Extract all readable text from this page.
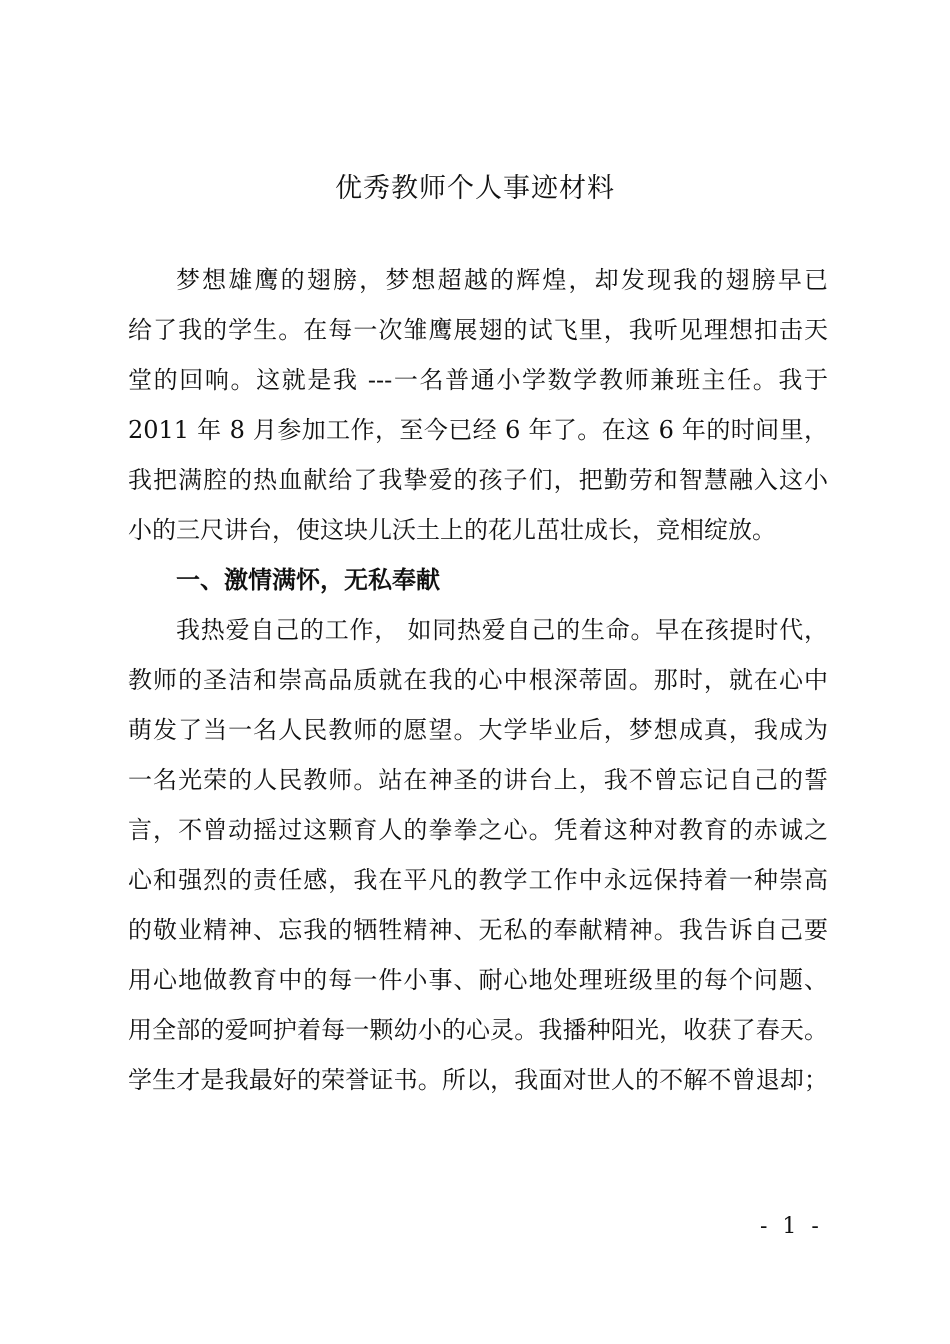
优秀教师个人事迹材料
梦想雄鹰的翅膀，梦想超越的辉煌，却发现我的翅膀早已
给了我的学生。在每一次雏鹰展翅的试飞里，我听见理想扣击天
堂的回响。这就是我 ---一名普通小学数学教师兼班主任。我于
2011 年 8 月参加工作，至今已经 6 年了。在这 6 年的时间里，
我把满腔的热血献给了我挚爱的孩子们，把勤劳和智慧融入这小
小的三尺讲台，使这块儿沃土上的花儿茁壮成长，竞相绽放。
一、激情满怀，无私奉献
我热爱自己的工作， 如同热爱自己的生命。早在孩提时代，
教师的圣洁和崇高品质就在我的心中根深蒂固。那时，就在心中
萌发了当一名人民教师的愿望。大学毕业后，梦想成真，我成为
一名光荣的人民教师。站在神圣的讲台上，我不曾忘记自己的誓
言，不曾动摇过这颗育人的拳拳之心。凭着这种对教育的赤诚之
心和强烈的责任感，我在平凡的教学工作中永远保持着一种崇高
的敬业精神、忘我的牺牲精神、无私的奉献精神。我告诉自己要
用心地做教育中的每一件小事、耐心地处理班级里的每个问题、
用全部的爱呵护着每一颗幼小的心灵。我播种阳光，收获了春天。
学生才是我最好的荣誉证书。所以，我面对世人的不解不曾退却；
- 1 -
